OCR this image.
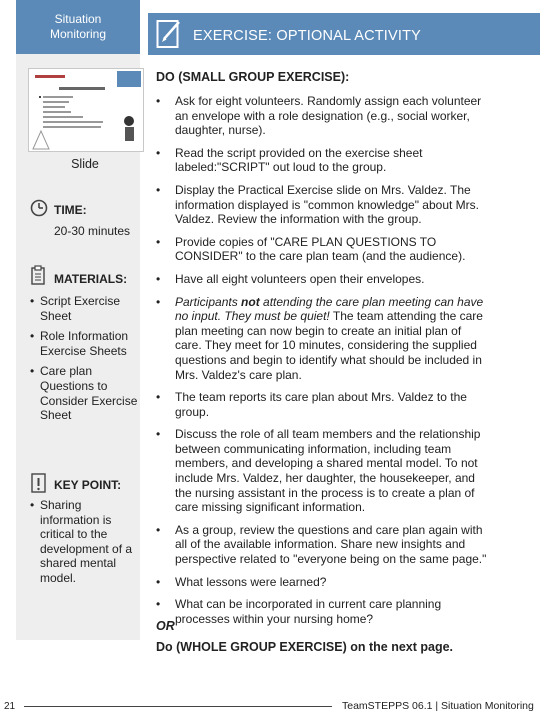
Situation
Monitoring	EXERCISE: OPTIONAL ACTIVITY
Slide
TIME:
20-30 minutes
MATERIALS:
• Script Exercise Sheet
• Role Information Exercise Sheets
• Care plan Questions to Consider Exercise Sheet
KEY POINT:
• Sharing information is critical to the development of a shared mental model.
DO (SMALL GROUP EXERCISE):
• Ask for eight volunteers. Randomly assign each volunteer an envelope with a role designation (e.g., social worker, daughter, nurse).
• Read the script provided on the exercise sheet labeled:"SCRIPT" out loud to the group.
• Display the Practical Exercise slide on Mrs. Valdez. The information displayed is "common knowledge" about Mrs. Valdez. Review the information with the group.
• Provide copies of "CARE PLAN QUESTIONS TO CONSIDER" to the care plan team (and the audience).
• Have all eight volunteers open their envelopes.
• Participants not attending the care plan meeting can have no input. They must be quiet! The team attending the care plan meeting can now begin to create an initial plan of care. They meet for 10 minutes, considering the supplied questions and begin to identify what should be included in Mrs. Valdez's care plan.
• The team reports its care plan about Mrs. Valdez to the group.
• Discuss the role of all team members and the relationship between communicating information, including team members, and developing a shared mental model. To not include Mrs. Valdez, her daughter, the housekeeper, and the nursing assistant in the process is to create a plan of care missing significant information.
• As a group, review the questions and care plan again with all of the available information. Share new insights and perspective related to "everyone being on the same page."
• What lessons were learned?
• What can be incorporated in current care planning processes within your nursing home?
OR
Do (WHOLE GROUP EXERCISE) on the next page.
21	TeamSTEPPS 06.1 | Situation Monitoring
